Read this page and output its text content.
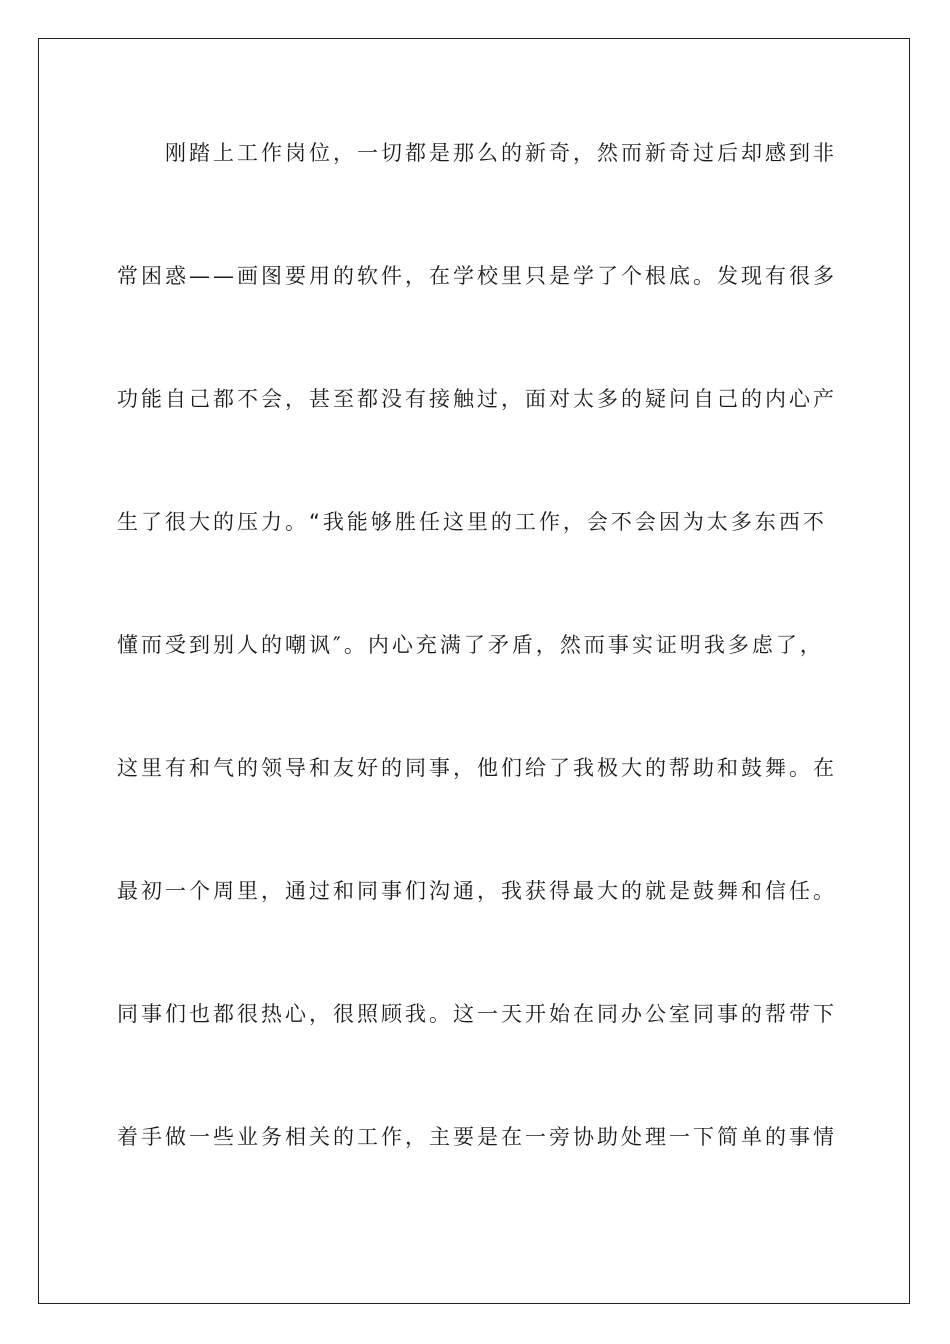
刚踏上工作岗位，一切都是那么的新奇，然而新奇过后却感到非
常困惑——画图要用的软件，在学校里只是学了个根底。发现有很多
功能自己都不会，甚至都没有接触过，面对太多的疑问自己的内心产
生了很大的压力。“我能够胜任这里的工作，会不会因为太多东西不
懂而受到别人的嘲讽″。内心充满了矛盾，然而事实证明我多虑了，
这里有和气的领导和友好的同事，他们给了我极大的帮助和鼓舞。在
最初一个周里，通过和同事们沟通，我获得最大的就是鼓舞和信任。
同事们也都很热心，很照顾我。这一天开始在同办公室同事的帮带下
着手做一些业务相关的工作，主要是在一旁协助处理一下简单的事情
